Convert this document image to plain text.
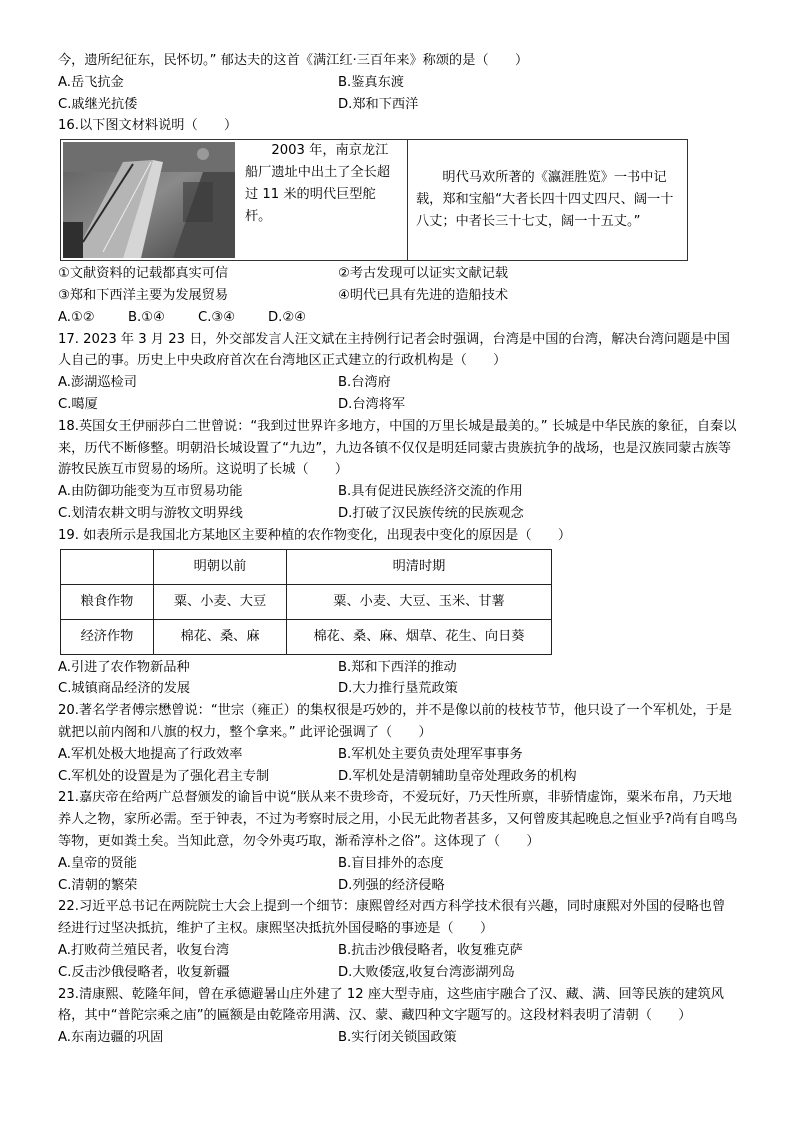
今，遗所纪征东，民怀切。” 郁达夫的这首《满江红·三百年来》称颂的是（　　）

A.岳飞抗金	B.鉴真东渡
C.戚继光抗倭	D.郑和下西洋

16.以下图文材料说明（　　）

2003 年，南京龙江船厂遗址中出土了全长超过 11 米的明代巨型舵杆。
明代马欢所著的《瀛涯胜览》一书中记载，郑和宝船“大者长四十四丈四尺、阔一十八丈；中者长三十七丈，阔一十五丈。”
①文献资料的记载都真实可信	②考古发现可以证实文献记载
③郑和下西洋主要为发展贸易	④明代已具有先进的造船技术
A.①②	B.①④	C.③④	D.②④

17. 2023 年 3 月 23 日，外交部发言人汪文斌在主持例行记者会时强调，台湾是中国的台湾，解决台湾问题是中国人自己的事。历史上中央政府首次在台湾地区正式建立的行政机构是（　　）

A.澎湖巡检司	B.台湾府
C.噶厦	D.台湾将军

18.英国女王伊丽莎白二世曾说：“我到过世界许多地方，中国的万里长城是最美的。” 长城是中华民族的象征，自秦以来，历代不断修整。明朝沿长城设置了“九边”，九边各镇不仅仅是明廷同蒙古贵族抗争的战场，也是汉族同蒙古族等游牧民族互市贸易的场所。这说明了长城（　　）

A.由防御功能变为互市贸易功能	B.具有促进民族经济交流的作用
C.划清农耕文明与游牧文明界线	D.打破了汉民族传统的民族观念

19. 如表所示是我国北方某地区主要种植的农作物变化，出现表中变化的原因是（　　）

	明朝以前	明清时期
粮食作物	粟、小麦、大豆	粟、小麦、大豆、玉米、甘薯
经济作物	棉花、桑、麻	棉花、桑、麻、烟草、花生、向日葵
A.引进了农作物新品种	B.郑和下西洋的推动
C.城镇商品经济的发展	D.大力推行垦荒政策

20.著名学者傅宗懋曾说：“世宗（雍正）的集权很是巧妙的，并不是像以前的枝枝节节，他只设了一个军机处，于是就把以前内阁和八旗的权力，整个拿来。” 此评论强调了（　　）

A.军机处极大地提高了行政效率	B.军机处主要负责处理军事事务
C.军机处的设置是为了强化君主专制	D.军机处是清朝辅助皇帝处理政务的机构

21.嘉庆帝在给两广总督颁发的谕旨中说“朕从来不贵珍奇，不爱玩好，乃天性所禀，非骄情虚饰，粟米布帛，乃天地养人之物，家所必需。至于钟表，不过为考察时辰之用，小民无此物者甚多，又何曾废其起晚息之恒业乎?尚有自鸣鸟等物，更如粪土矣。当知此意，勿令外夷巧取，渐希淳朴之俗”。这体现了（　　）

A.皇帝的贤能	B.盲目排外的态度
C.清朝的繁荣	D.列强的经济侵略

22.习近平总书记在两院院士大会上提到一个细节：康熙曾经对西方科学技术很有兴趣，同时康熙对外国的侵略也曾经进行过坚决抵抗，维护了主权。康熙坚决抵抗外国侵略的事迹是（　　）

A.打败荷兰殖民者，收复台湾	B.抗击沙俄侵略者，收复雅克萨
C.反击沙俄侵略者，收复新疆	D.大败倭寇,收复台湾澎湖列岛

23.清康熙、乾隆年间，曾在承德避暑山庄外建了 12 座大型寺庙，这些庙宇融合了汉、藏、满、回等民族的建筑风格，其中“普陀宗乘之庙”的匾额是由乾隆帝用满、汉、蒙、藏四种文字题写的。这段材料表明了清朝（　　）

A.东南边疆的巩固	B.实行闭关锁国政策
